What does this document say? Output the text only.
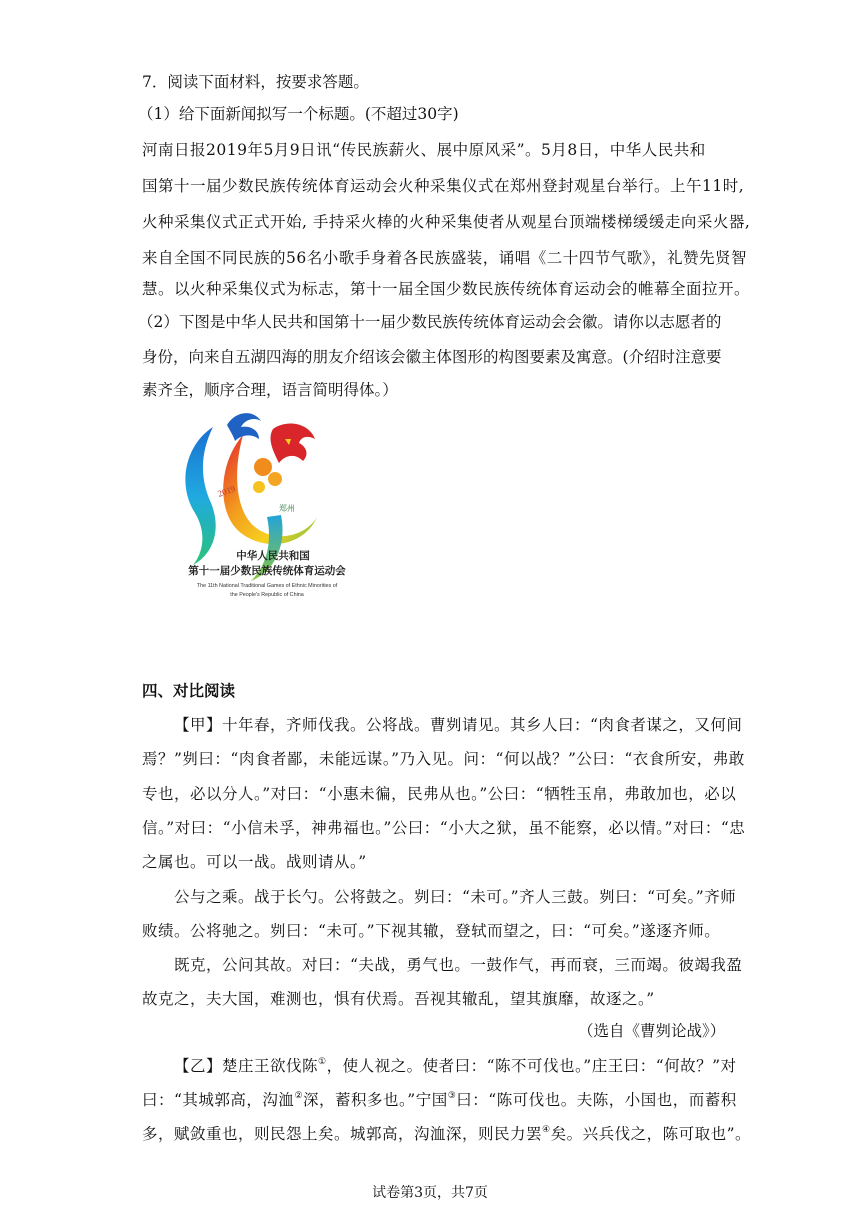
7．阅读下面材料，按要求答题。
（1）给下面新闻拟写一个标题。(不超过30字)
河南日报2019年5月9日讯“传民族薪火、展中原风采”。5月8日，中华人民共和
国第十一届少数民族传统体育运动会火种采集仪式在郑州登封观星台举行。上午11时,
火种采集仪式正式开始, 手持采火棒的火种采集使者从观星台顶端楼梯缓缓走向采火器,
来自全国不同民族的56名小歌手身着各民族盛装，诵唱《二十四节气歌》，礼赞先贤智
慧。以火种采集仪式为标志，第十一届全国少数民族传统体育运动会的帷幕全面拉开。
（2）下图是中华人民共和国第十一届少数民族传统体育运动会会徽。请你以志愿者的
身份，向来自五湖四海的朋友介绍该会徽主体图形的构图要素及寓意。(介绍时注意要
素齐全，顺序合理，语言简明得体。）
2019
郑州
中华人民共和国
第十一届少数民族传统体育运动会
The 11th National Traditional Games of Ethnic Minorities of
the People's Republic of China
四、对比阅读
【甲】十年春，齐师伐我。公将战。曹刿请见。其乡人曰：“肉食者谋之，又何间
焉？”刿曰：“肉食者鄙，未能远谋。”乃入见。问：“何以战？”公曰：“衣食所安，弗敢
专也，必以分人。”对曰：“小惠未徧，民弗从也。”公曰：“牺牲玉帛，弗敢加也，必以
信。”对曰：“小信未孚，神弗福也。”公曰：“小大之狱，虽不能察，必以情。”对曰：“忠
之属也。可以一战。战则请从。”
公与之乘。战于长勺。公将鼓之。刿曰：“未可。”齐人三鼓。刿曰：“可矣。”齐师
败绩。公将驰之。刿曰：“未可。”下视其辙，登轼而望之，曰：“可矣。”遂逐齐师。
既克，公问其故。对曰：“夫战，勇气也。一鼓作气，再而衰，三而竭。彼竭我盈
故克之，夫大国，难测也，惧有伏焉。吾视其辙乱，望其旗靡，故逐之。”
（选自《曹刿论战》）
【乙】楚庄王欲伐陈①，使人视之。使者曰：“陈不可伐也。”庄王曰：“何故？”对
曰：“其城郭高，沟洫②深，蓄积多也。”宁国③曰：“陈可伐也。夫陈，小国也，而蓄积
多，赋敛重也，则民怨上矣。城郭高，沟洫深，则民力罢④矣。兴兵伐之，陈可取也”。
试卷第3页，共7页
